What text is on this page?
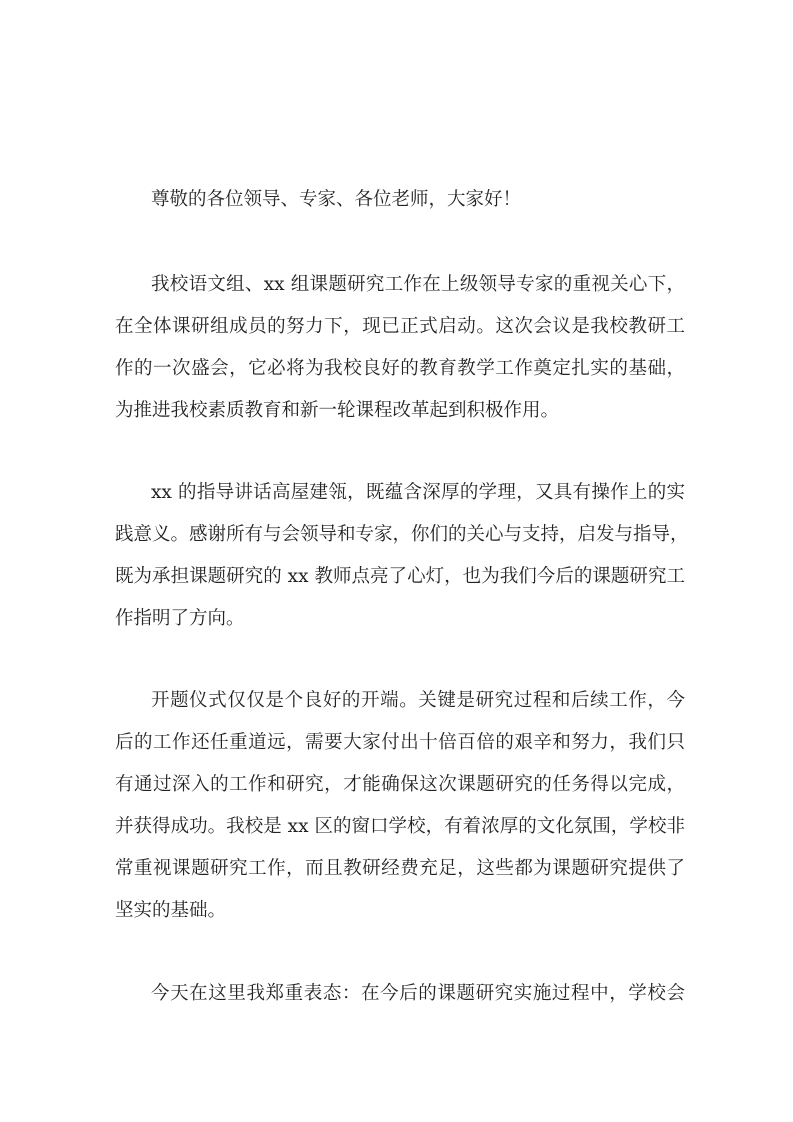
尊敬的各位领导、专家、各位老师，大家好！
我校语文组、xx 组课题研究工作在上级领导专家的重视关心下，
在全体课研组成员的努力下，现已正式启动。这次会议是我校教研工
作的一次盛会，它必将为我校良好的教育教学工作奠定扎实的基础，
为推进我校素质教育和新一轮课程改革起到积极作用。
xx 的指导讲话高屋建瓴，既蕴含深厚的学理，又具有操作上的实
践意义。感谢所有与会领导和专家，你们的关心与支持，启发与指导，
既为承担课题研究的 xx 教师点亮了心灯，也为我们今后的课题研究工
作指明了方向。
开题仪式仅仅是个良好的开端。关键是研究过程和后续工作，今
后的工作还任重道远，需要大家付出十倍百倍的艰辛和努力，我们只
有通过深入的工作和研究，才能确保这次课题研究的任务得以完成，
并获得成功。我校是 xx 区的窗口学校，有着浓厚的文化氛围，学校非
常重视课题研究工作，而且教研经费充足，这些都为课题研究提供了
坚实的基础。
今天在这里我郑重表态：在今后的课题研究实施过程中，学校会
